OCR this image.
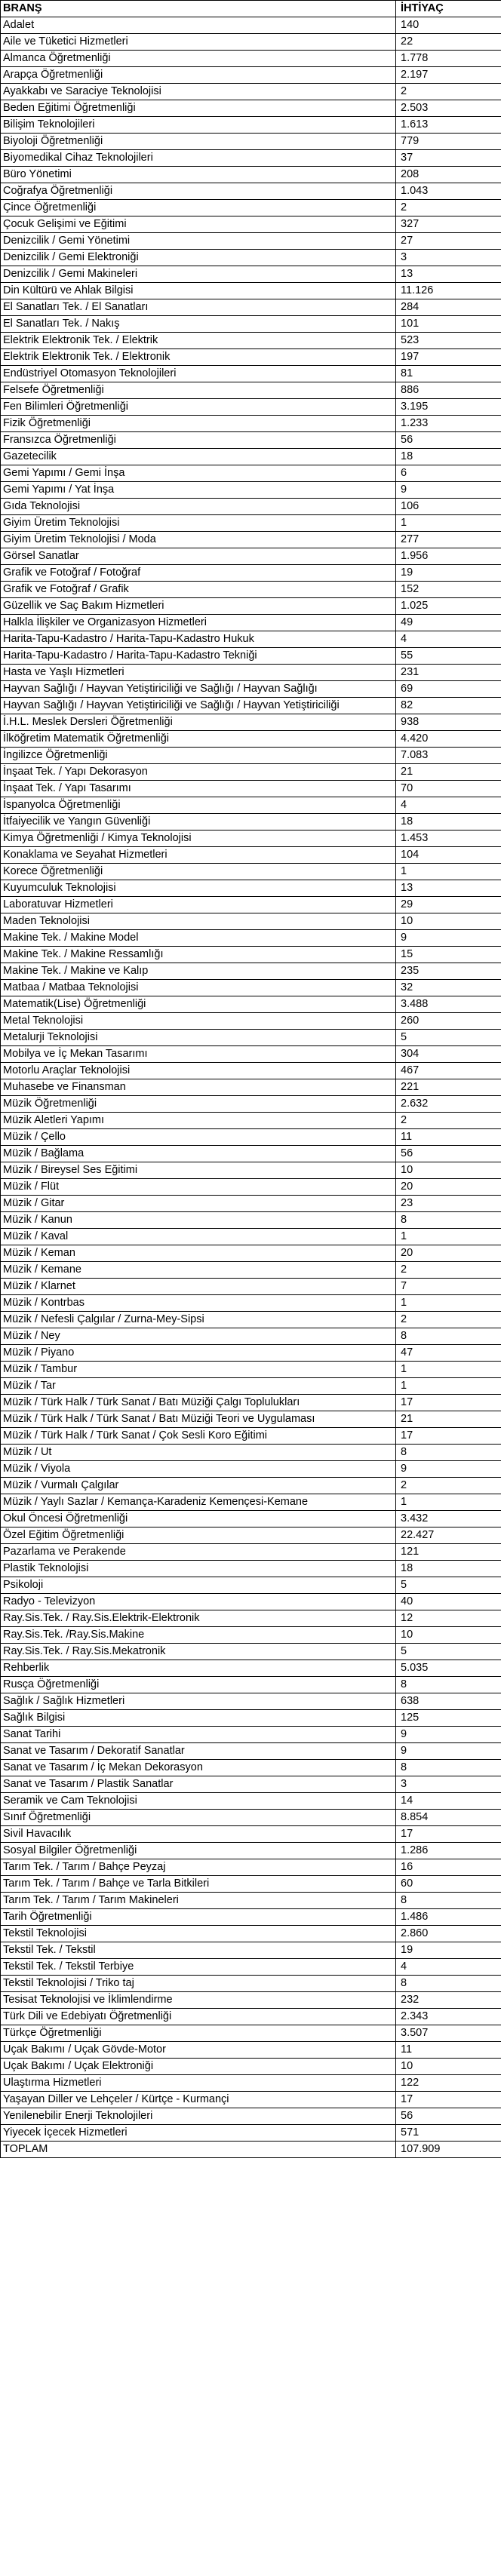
BRANŞ	İHTİYAÇ
Adalet	140
Aile ve Tüketici Hizmetleri	22
Almanca Öğretmenliği	1.778
Arapça Öğretmenliği	2.197
Ayakkabı ve Saraciye Teknolojisi	2
Beden Eğitimi Öğretmenliği	2.503
Bilişim Teknolojileri	1.613
Biyoloji Öğretmenliği	779
Biyomedikal Cihaz Teknolojileri	37
Büro Yönetimi	208
Coğrafya Öğretmenliği	1.043
Çince Öğretmenliği	2
Çocuk Gelişimi ve Eğitimi	327
Denizcilik / Gemi Yönetimi	27
Denizcilik / Gemi Elektroniği	3
Denizcilik / Gemi Makineleri	13
Din Kültürü ve Ahlak Bilgisi	11.126
El Sanatları Tek. / El Sanatları	284
El Sanatları Tek. / Nakış	101
Elektrik Elektronik Tek. / Elektrik	523
Elektrik Elektronik Tek. / Elektronik	197
Endüstriyel Otomasyon Teknolojileri	81
Felsefe Öğretmenliği	886
Fen Bilimleri Öğretmenliği	3.195
Fizik Öğretmenliği	1.233
Fransızca Öğretmenliği	56
Gazetecilik	18
Gemi Yapımı / Gemi İnşa	6
Gemi Yapımı / Yat İnşa	9
Gıda Teknolojisi	106
Giyim Üretim Teknolojisi	1
Giyim Üretim Teknolojisi / Moda	277
Görsel Sanatlar	1.956
Grafik ve Fotoğraf / Fotoğraf	19
Grafik ve Fotoğraf / Grafik	152
Güzellik ve Saç Bakım Hizmetleri	1.025
Halkla İlişkiler ve Organizasyon Hizmetleri	49
Harita-Tapu-Kadastro / Harita-Tapu-Kadastro Hukuk	4
Harita-Tapu-Kadastro / Harita-Tapu-Kadastro Tekniği	55
Hasta ve Yaşlı Hizmetleri	231
Hayvan Sağlığı / Hayvan Yetiştiriciliği ve Sağlığı / Hayvan Sağlığı	69
Hayvan Sağlığı / Hayvan Yetiştiriciliği ve Sağlığı / Hayvan Yetiştiriciliği	82
İ.H.L. Meslek Dersleri Öğretmenliği	938
İlköğretim Matematik Öğretmenliği	4.420
İngilizce Öğretmenliği	7.083
İnşaat Tek. / Yapı Dekorasyon	21
İnşaat Tek. / Yapı Tasarımı	70
İspanyolca Öğretmenliği	4
İtfaiyecilik ve Yangın Güvenliği	18
Kimya Öğretmenliği / Kimya Teknolojisi	1.453
Konaklama ve Seyahat Hizmetleri	104
Korece Öğretmenliği	1
Kuyumculuk Teknolojisi	13
Laboratuvar Hizmetleri	29
Maden Teknolojisi	10
Makine Tek. / Makine Model	9
Makine Tek. / Makine Ressamlığı	15
Makine Tek. / Makine ve Kalıp	235
Matbaa / Matbaa Teknolojisi	32
Matematik(Lise) Öğretmenliği	3.488
Metal Teknolojisi	260
Metalurji Teknolojisi	5
Mobilya ve İç Mekan Tasarımı	304
Motorlu Araçlar Teknolojisi	467
Muhasebe ve Finansman	221
Müzik Öğretmenliği	2.632
Müzik Aletleri Yapımı	2
Müzik / Çello	11
Müzik / Bağlama	56
Müzik / Bireysel Ses Eğitimi	10
Müzik / Flüt	20
Müzik / Gitar	23
Müzik / Kanun	8
Müzik / Kaval	1
Müzik / Keman	20
Müzik / Kemane	2
Müzik / Klarnet	7
Müzik / Kontrbas	1
Müzik / Nefesli Çalgılar / Zurna-Mey-Sipsi	2
Müzik / Ney	8
Müzik / Piyano	47
Müzik / Tambur	1
Müzik / Tar	1
Müzik / Türk Halk / Türk Sanat / Batı Müziği Çalgı Toplulukları	17
Müzik / Türk Halk / Türk Sanat / Batı Müziği Teori ve Uygulaması	21
Müzik / Türk Halk / Türk Sanat / Çok Sesli Koro Eğitimi	17
Müzik / Ut	8
Müzik / Viyola	9
Müzik / Vurmalı Çalgılar	2
Müzik / Yaylı Sazlar / Kemança-Karadeniz Kemençesi-Kemane	1
Okul Öncesi Öğretmenliği	3.432
Özel Eğitim Öğretmenliği	22.427
Pazarlama ve Perakende	121
Plastik Teknolojisi	18
Psikoloji	5
Radyo - Televizyon	40
Ray.Sis.Tek. / Ray.Sis.Elektrik-Elektronik	12
Ray.Sis.Tek. /Ray.Sis.Makine	10
Ray.Sis.Tek. / Ray.Sis.Mekatronik	5
Rehberlik	5.035
Rusça Öğretmenliği	8
Sağlık / Sağlık Hizmetleri	638
Sağlık Bilgisi	125
Sanat Tarihi	9
Sanat ve Tasarım / Dekoratif Sanatlar	9
Sanat ve Tasarım / İç Mekan Dekorasyon	8
Sanat ve Tasarım / Plastik Sanatlar	3
Seramik ve Cam Teknolojisi	14
Sınıf Öğretmenliği	8.854
Sivil Havacılık	17
Sosyal Bilgiler Öğretmenliği	1.286
Tarım Tek. / Tarım / Bahçe Peyzaj	16
Tarım Tek. / Tarım / Bahçe ve Tarla Bitkileri	60
Tarım Tek. / Tarım / Tarım Makineleri	8
Tarih Öğretmenliği	1.486
Tekstil Teknolojisi	2.860
Tekstil Tek. / Tekstil	19
Tekstil Tek. / Tekstil Terbiye	4
Tekstil Teknolojisi / Triko taj	8
Tesisat Teknolojisi ve İklimlendirme	232
Türk Dili ve Edebiyatı Öğretmenliği	2.343
Türkçe Öğretmenliği	3.507
Uçak Bakımı / Uçak Gövde-Motor	11
Uçak Bakımı / Uçak Elektroniği	10
Ulaştırma Hizmetleri	122
Yaşayan Diller ve Lehçeler / Kürtçe - Kurmançi	17
Yenilenebilir Enerji Teknolojileri	56
Yiyecek İçecek Hizmetleri	571
TOPLAM	107.909
